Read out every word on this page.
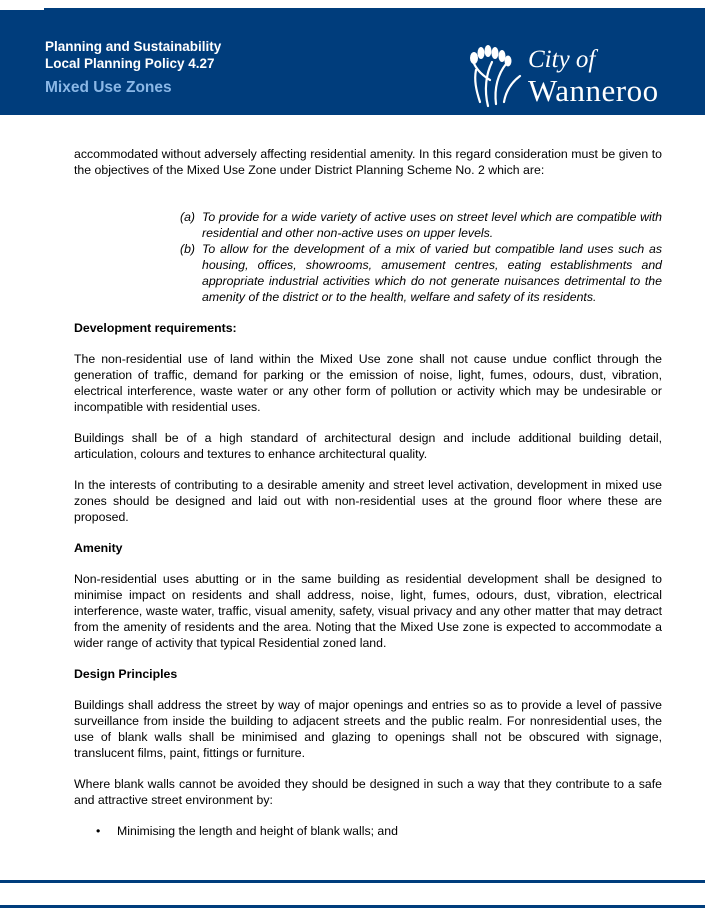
Planning and Sustainability
Local Planning Policy 4.27
Mixed Use Zones
City of
Wanneroo

accommodated without adversely affecting residential amenity. In this regard consideration must be given to the objectives of the Mixed Use Zone under District Planning Scheme No. 2 which are:

(a) To provide for a wide variety of active uses on street level which are compatible with residential and other non-active uses on upper levels.
(b) To allow for the development of a mix of varied but compatible land uses such as housing, offices, showrooms, amusement centres, eating establishments and appropriate industrial activities which do not generate nuisances detrimental to the amenity of the district or to the health, welfare and safety of its residents.
Development requirements:

The non-residential use of land within the Mixed Use zone shall not cause undue conflict through the generation of traffic, demand for parking or the emission of noise, light, fumes, odours, dust, vibration, electrical interference, waste water or any other form of pollution or activity which may be undesirable or incompatible with residential uses.

Buildings shall be of a high standard of architectural design and include additional building detail, articulation, colours and textures to enhance architectural quality.

In the interests of contributing to a desirable amenity and street level activation, development in mixed use zones should be designed and laid out with non-residential uses at the ground floor where these are proposed.

Amenity

Non-residential uses abutting or in the same building as residential development shall be designed to minimise impact on residents and shall address, noise, light, fumes, odours, dust, vibration, electrical interference, waste water, traffic, visual amenity, safety, visual privacy and any other matter that may detract from the amenity of residents and the area. Noting that the Mixed Use zone is expected to accommodate a wider range of activity that typical Residential zoned land.

Design Principles

Buildings shall address the street by way of major openings and entries so as to provide a level of passive surveillance from inside the building to adjacent streets and the public realm. For nonresidential uses, the use of blank walls shall be minimised and glazing to openings shall not be obscured with signage, translucent films, paint, fittings or furniture.

Where blank walls cannot be avoided they should be designed in such a way that they contribute to a safe and attractive street environment by:

• Minimising the length and height of blank walls; and
